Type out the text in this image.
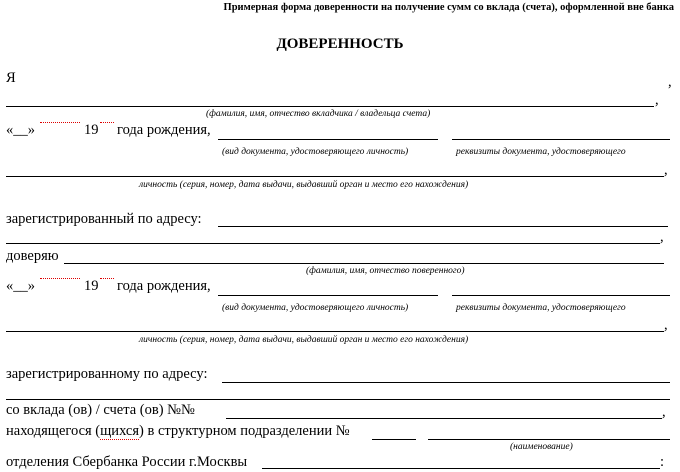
Примерная форма доверенности на получение сумм со вклада (счета), оформленной вне банка
ДОВЕРЕННОСТЬ
Я	,
,
(фамилия, имя, отчество вкладчика / владельца счета)
«__»	19 года рождения,
(вид документа, удостоверяющего личность)	реквизиты документа, удостоверяющего
,
личность (серия, номер, дата выдачи, выдавший орган и место его нахождения)
зарегистрированный по адресу:
,
доверяю
(фамилия, имя, отчество поверенного)
«__»	19 года рождения,
(вид документа, удостоверяющего личность)	реквизиты документа, удостоверяющего
,
личность (серия, номер, дата выдачи, выдавший орган и место его нахождения)
зарегистрированному по адресу:
со вклада (ов) / счета (ов) №№	,
находящегося (щихся) в структурном подразделении №
(наименование)
отделения Сбербанка России г.Москвы	:
